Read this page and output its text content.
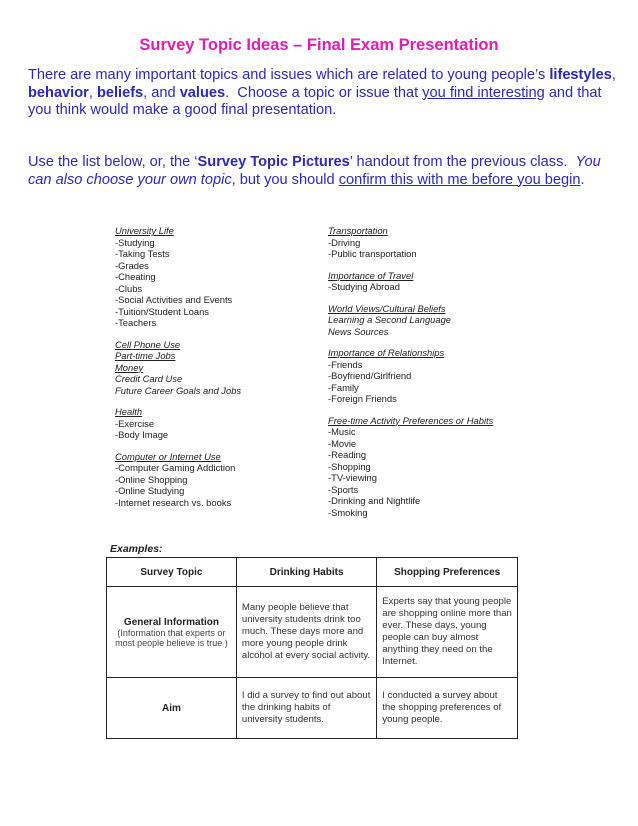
Survey Topic Ideas – Final Exam Presentation
There are many important topics and issues which are related to young people’s lifestyles, behavior, beliefs, and values.  Choose a topic or issue that you find interesting and that you think would make a good final presentation.
Use the list below, or, the ‘Survey Topic Pictures’ handout from the previous class.  You can also choose your own topic, but you should confirm this with me before you begin.
University Life
-Studying
-Taking Tests
-Grades
-Cheating
-Clubs
-Social Activities and Events
-Tuition/Student Loans
-Teachers
Cell Phone Use
Part-time Jobs
Money
Credit Card Use
Future Career Goals and Jobs
Health
-Exercise
-Body Image
Computer or Internet Use
-Computer Gaming Addiction
-Online Shopping
-Online Studying
-Internet research vs. books
Transportation
-Driving
-Public transportation
Importance of Travel
-Studying Abroad
World Views/Cultural Beliefs
Learning a Second Language
News Sources
Importance of Relationships
-Friends
-Boyfriend/Girlfriend
-Family
-Foreign Friends
Free-time Activity Preferences or Habits
-Music
-Movie
-Reading
-Shopping
-TV-viewing
-Sports
-Drinking and Nightlife
-Smoking
Examples:
Survey Topic	Drinking Habits	Shopping Preferences

General Information
(Information that experts or most people believe is true )	Many people believe that university students drink too much. These days more and more young people drink alcohol at every social activity.	Experts say that young people are shopping online more than ever. These days, young people can buy almost anything they need on the Internet.

Aim	I did a survey to find out about the drinking habits of university students.	I conducted a survey about the shopping preferences of young people.
